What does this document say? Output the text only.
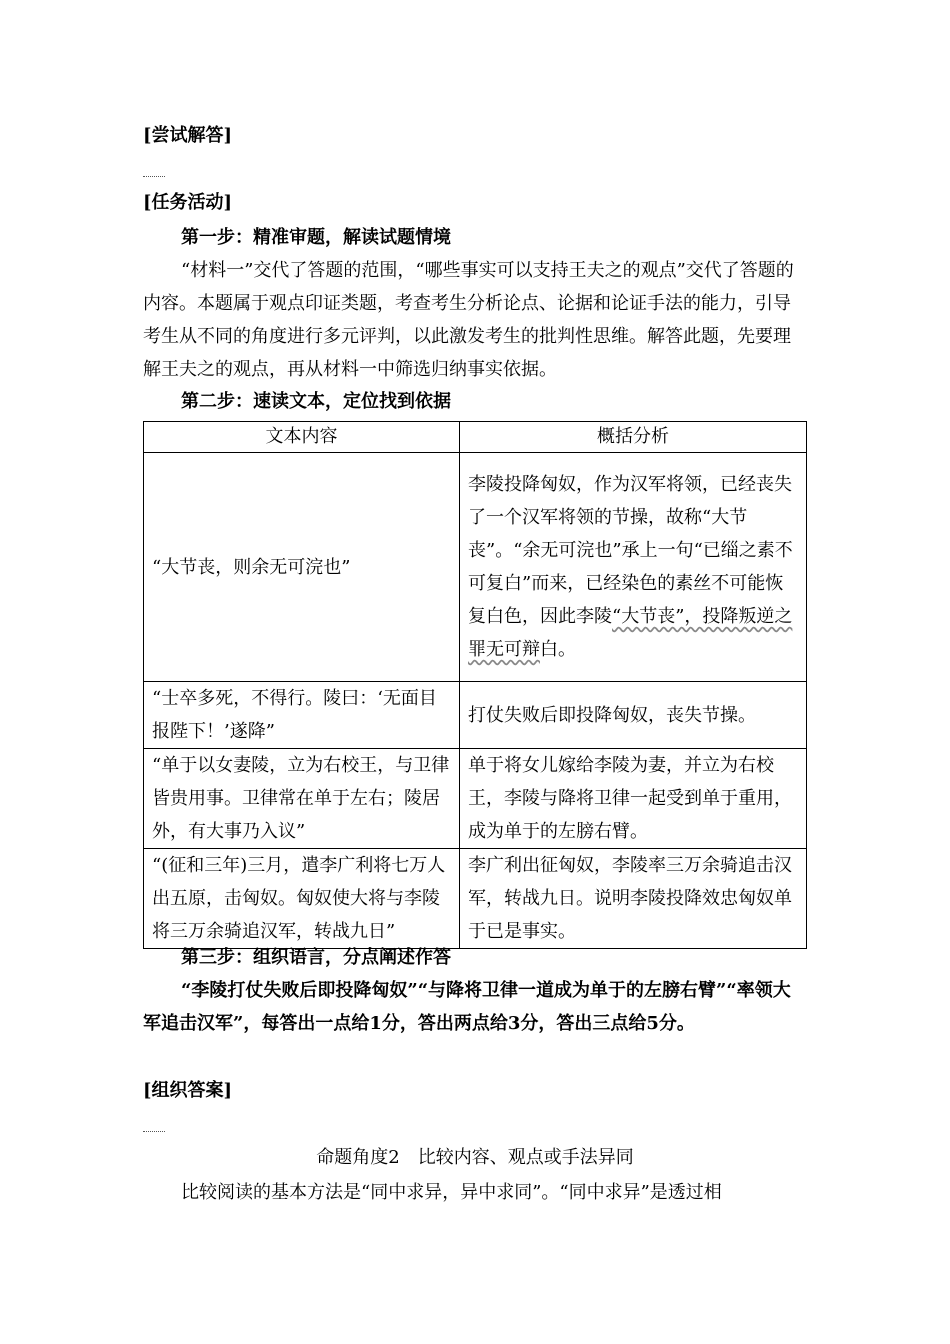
[尝试解答]
[任务活动]
第一步：精准审题，解读试题情境
“材料一”交代了答题的范围，“哪些事实可以支持王夫之的观点”交代了答题的内容。本题属于观点印证类题，考查考生分析论点、论据和论证手法的能力，引导考生从不同的角度进行多元评判，以此激发考生的批判性思维。解答此题，先要理解王夫之的观点，再从材料一中筛选归纳事实依据。
第二步：速读文本，定位找到依据
文本内容	概括分析
“大节丧，则余无可浣也”	李陵投降匈奴，作为汉军将领，已经丧失了一个汉军将领的节操，故称“大节丧”。“余无可浣也”承上一句“已缁之素不可复白”而来，已经染色的素丝不可能恢复白色，因此李陵“大节丧”，投降叛逆之罪无可辩白。
“士卒多死，不得行。陵曰：‘无面目报陛下！’遂降”	打仗失败后即投降匈奴，丧失节操。
“单于以女妻陵，立为右校王，与卫律皆贵用事。卫律常在单于左右；陵居外，有大事乃入议”	单于将女儿嫁给李陵为妻，并立为右校王，李陵与降将卫律一起受到单于重用，成为单于的左膀右臂。
“(征和三年)三月，遣李广利将七万人出五原，击匈奴。匈奴使大将与李陵将三万余骑追汉军，转战九日”	李广利出征匈奴，李陵率三万余骑追击汉军，转战九日。说明李陵投降效忠匈奴单于已是事实。
第三步：组织语言，分点阐述作答
“李陵打仗失败后即投降匈奴”“与降将卫律一道成为单于的左膀右臂”“率领大军追击汉军”，每答出一点给1分，答出两点给3分，答出三点给5分。
[组织答案]
命题角度2　比较内容、观点或手法异同
比较阅读的基本方法是“同中求异，异中求同”。“同中求异”是透过相
